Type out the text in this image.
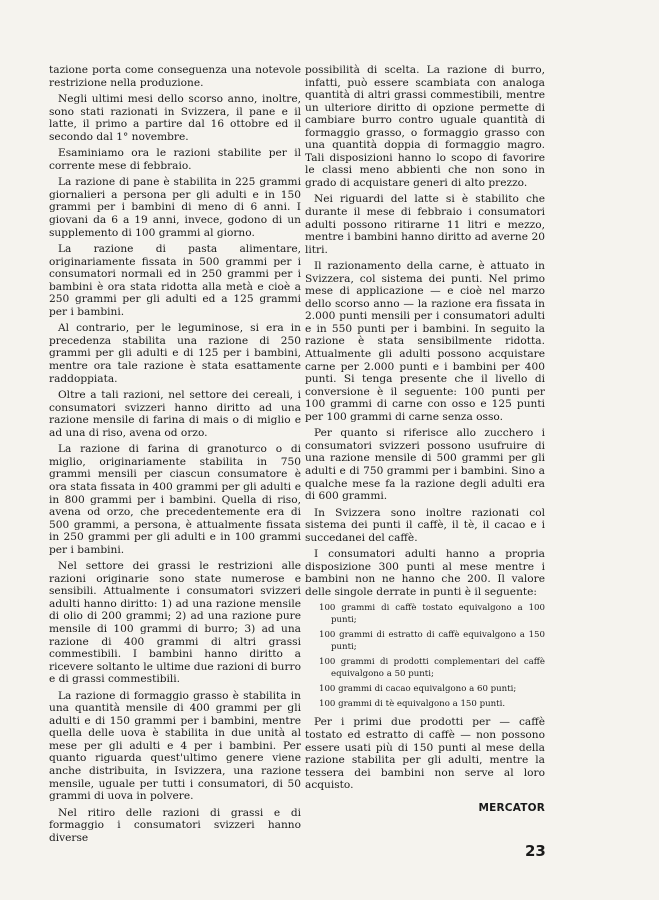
tazione porta come conseguenza una notevole restrizione nella produzione.

Negli ultimi mesi dello scorso anno, inoltre, sono stati razionati in Svizzera, il pane e il latte, il primo a partire dal 16 ottobre ed il secondo dal 1° novembre.

Esaminiamo ora le razioni stabilite per il corrente mese di febbraio.

La razione di pane è stabilita in 225 grammi giornalieri a persona per gli adulti e in 150 grammi per i bambini di meno di 6 anni. I giovani da 6 a 19 anni, invece, godono di un supplemento di 100 grammi al giorno.

La razione di pasta alimentare, originariamente fissata in 500 grammi per i consumatori normali ed in 250 grammi per i bambini è ora stata ridotta alla metà e cioè a 250 grammi per gli adulti ed a 125 grammi per i bambini.

Al contrario, per le leguminose, si era in precedenza stabilita una razione di 250 grammi per gli adulti e di 125 per i bambini, mentre ora tale razione è stata esattamente raddoppiata.

Oltre a tali razioni, nel settore dei cereali, i consumatori svizzeri hanno diritto ad una razione mensile di farina di mais o di miglio e ad una di riso, avena od orzo.

La razione di farina di granoturco o di miglio, originariamente stabilita in 750 grammi mensili per ciascun consumatore è ora stata fissata in 400 grammi per gli adulti e in 800 grammi per i bambini. Quella di riso, avena od orzo, che precedentemente era di 500 grammi, a persona, è attualmente fissata in 250 grammi per gli adulti e in 100 grammi per i bambini.

Nel settore dei grassi le restrizioni alle razioni originarie sono state numerose e sensibili. Attualmente i consumatori svizzeri adulti hanno diritto: 1) ad una razione mensile di olio di 200 grammi; 2) ad una razione pure mensile di 100 grammi di burro; 3) ad una razione di 400 grammi di altri grassi commestibili. I bambini hanno diritto a ricevere soltanto le ultime due razioni di burro e di grassi commestibili.

La razione di formaggio grasso è stabilita in una quantità mensile di 400 grammi per gli adulti e di 150 grammi per i bambini, mentre quella delle uova è stabilita in due unità al mese per gli adulti e 4 per i bambini. Per quanto riguarda quest'ultimo genere viene anche distribuita, in Isvizzera, una razione mensile, uguale per tutti i consumatori, di 50 grammi di uova in polvere.

Nel ritiro delle razioni di grassi e di formaggio i consumatori svizzeri hanno diverse

possibilità di scelta. La razione di burro, infatti, può essere scambiata con analoga quantità di altri grassi commestibili, mentre un ulteriore diritto di opzione permette di cambiare burro contro uguale quantità di formaggio grasso, o formaggio grasso con una quantità doppia di formaggio magro. Tali disposizioni hanno lo scopo di favorire le classi meno abbienti che non sono in grado di acquistare generi di alto prezzo.

Nei riguardi del latte si è stabilito che durante il mese di febbraio i consumatori adulti possono ritirarne 11 litri e mezzo, mentre i bambini hanno diritto ad averne 20 litri.

Il razionamento della carne, è attuato in Svizzera, col sistema dei punti. Nel primo mese di applicazione — e cioè nel marzo dello scorso anno — la razione era fissata in 2.000 punti mensili per i consumatori adulti e in 550 punti per i bambini. In seguito la razione è stata sensibilmente ridotta. Attualmente gli adulti possono acquistare carne per 2.000 punti e i bambini per 400 punti. Si tenga presente che il livello di conversione è il seguente: 100 punti per 100 grammi di carne con osso e 125 punti per 100 grammi di carne senza osso.

Per quanto si riferisce allo zucchero i consumatori svizzeri possono usufruire di una razione mensile di 500 grammi per gli adulti e di 750 grammi per i bambini. Sino a qualche mese fa la razione degli adulti era di 600 grammi.

In Svizzera sono inoltre razionati col sistema dei punti il caffè, il tè, il cacao e i succedanei del caffè.

I consumatori adulti hanno a propria disposizione 300 punti al mese mentre i bambini non ne hanno che 200. Il valore delle singole derrate in punti è il seguente:

100 grammi di caffè tostato equivalgono a 100 punti;
100 grammi di estratto di caffè equivalgono a 150 punti;
100 grammi di prodotti complementari del caffè equivalgono a 50 punti;
100 grammi di cacao equivalgono a 60 punti;
100 grammi di tè equivalgono a 150 punti.

Per i primi due prodotti per — caffè tostato ed estratto di caffè — non possono essere usati più di 150 punti al mese della razione stabilita per gli adulti, mentre la tessera dei bambini non serve al loro acquisto.

MERCATOR
23
